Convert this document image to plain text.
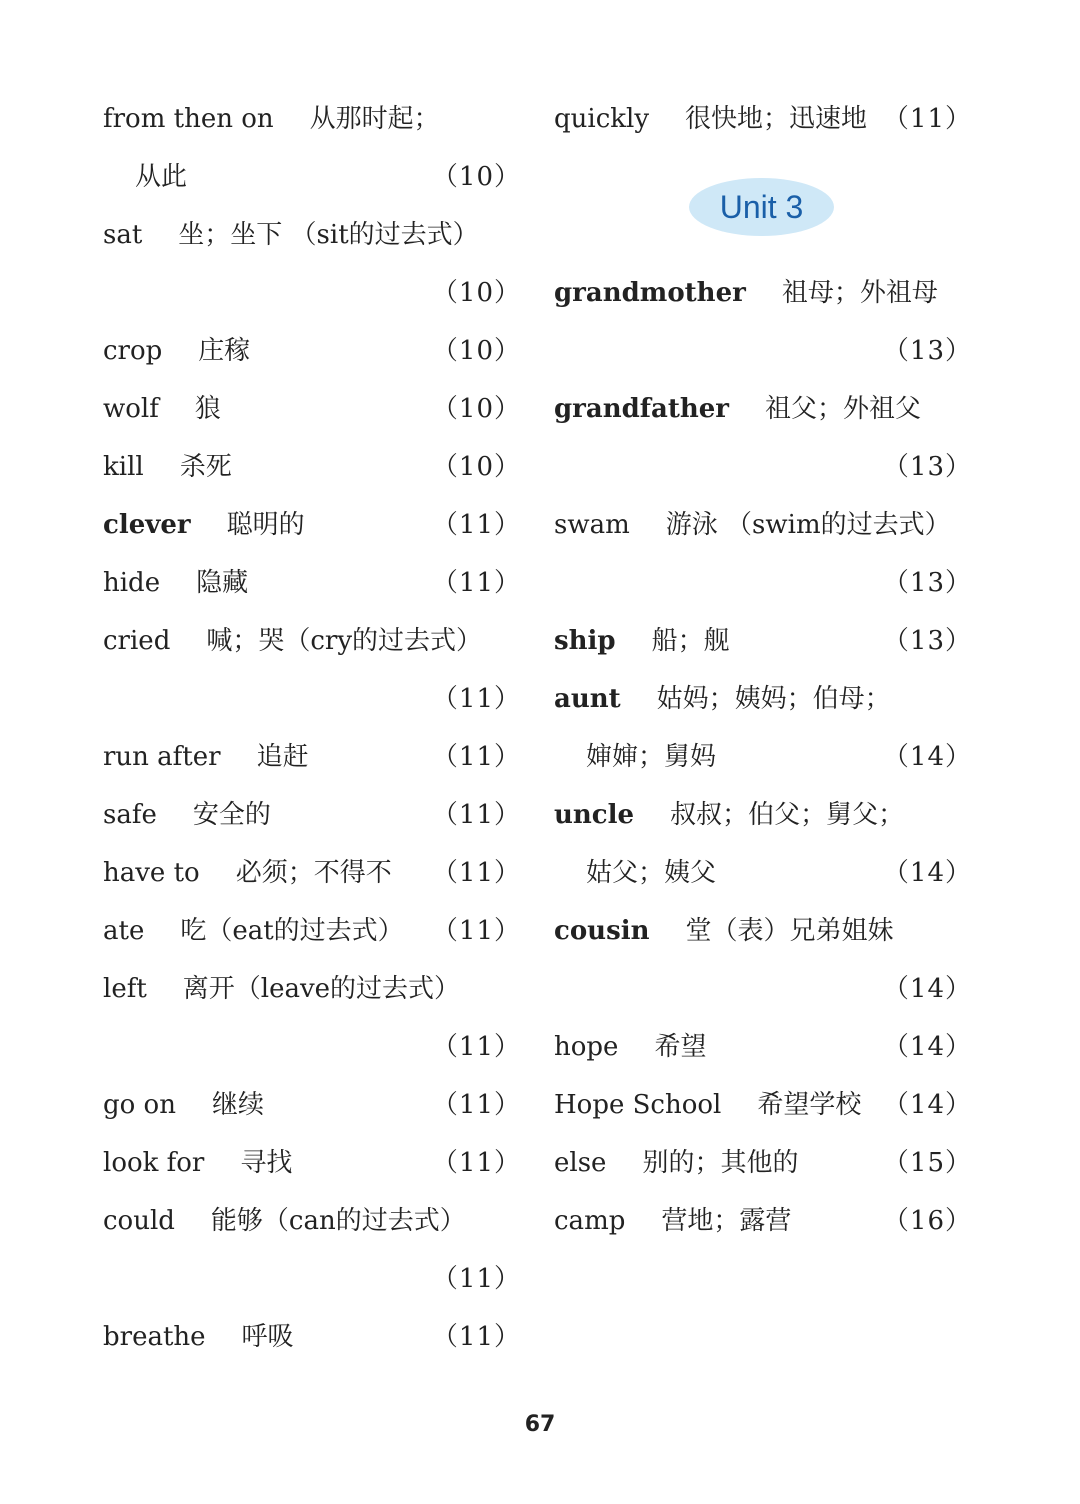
from then on 从那时起；
从此	（10）
sat 坐；坐下 （sit的过去式）
（10）
crop 庄稼	（10）
wolf 狼	（10）
kill 杀死	（10）
clever 聪明的	（11）
hide 隐藏	（11）
cried 喊；哭（cry的过去式）
（11）
run after 追赶	（11）
safe 安全的	（11）
have to 必须；不得不 （11）
ate 吃（eat的过去式） （11）
left 离开（leave的过去式）
（11）
go on 继续	（11）
look for 寻找	（11）
could 能够（can的过去式）
（11）
breathe 呼吸	（11）
quickly 很快地；迅速地 （11）
Unit 3
grandmother 祖母；外祖母
（13）
grandfather 祖父；外祖父
（13）
swam 游泳 （swim的过去式）
（13）
ship 船；舰	（13）
aunt 姑妈；姨妈；伯母；
婶婶；舅妈	（14）
uncle 叔叔；伯父；舅父；
姑父；姨父	（14）
cousin 堂（表）兄弟姐妹
（14）
hope 希望	（14）
Hope School 希望学校 （14）
else 别的；其他的	（15）
camp 营地；露营	（16）
67
